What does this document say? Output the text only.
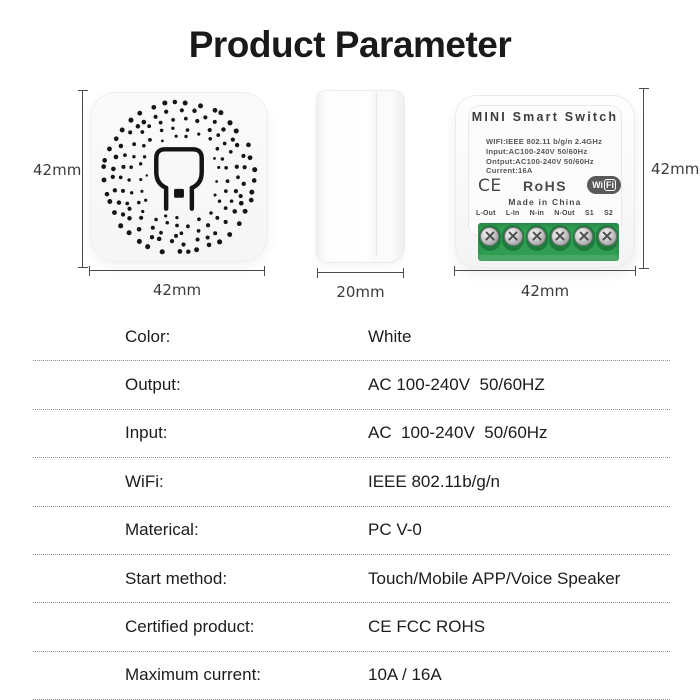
Product Parameter
42mm
42mm	20mm
MINI Smart Switch
WIFI:IEEE 802.11 b/g/n 2.4GHz
Input:AC100-240V 50/60Hz
Ontput:AC100-240V 50/60Hz
Current:16A
CE	RoHS	Wi Fi
Made in China
L-Out L-In N-in N-Out S1 S2
42mm
42mm
Color:	White
Output:	AC 100-240V  50/60HZ
Input:	AC  100-240V  50/60Hz
WiFi:	IEEE 802.11b/g/n
Materical:	PC V-0
Start method:	Touch/Mobile APP/Voice Speaker
Certified product:	CE FCC ROHS
Maximum current:	10A / 16A
